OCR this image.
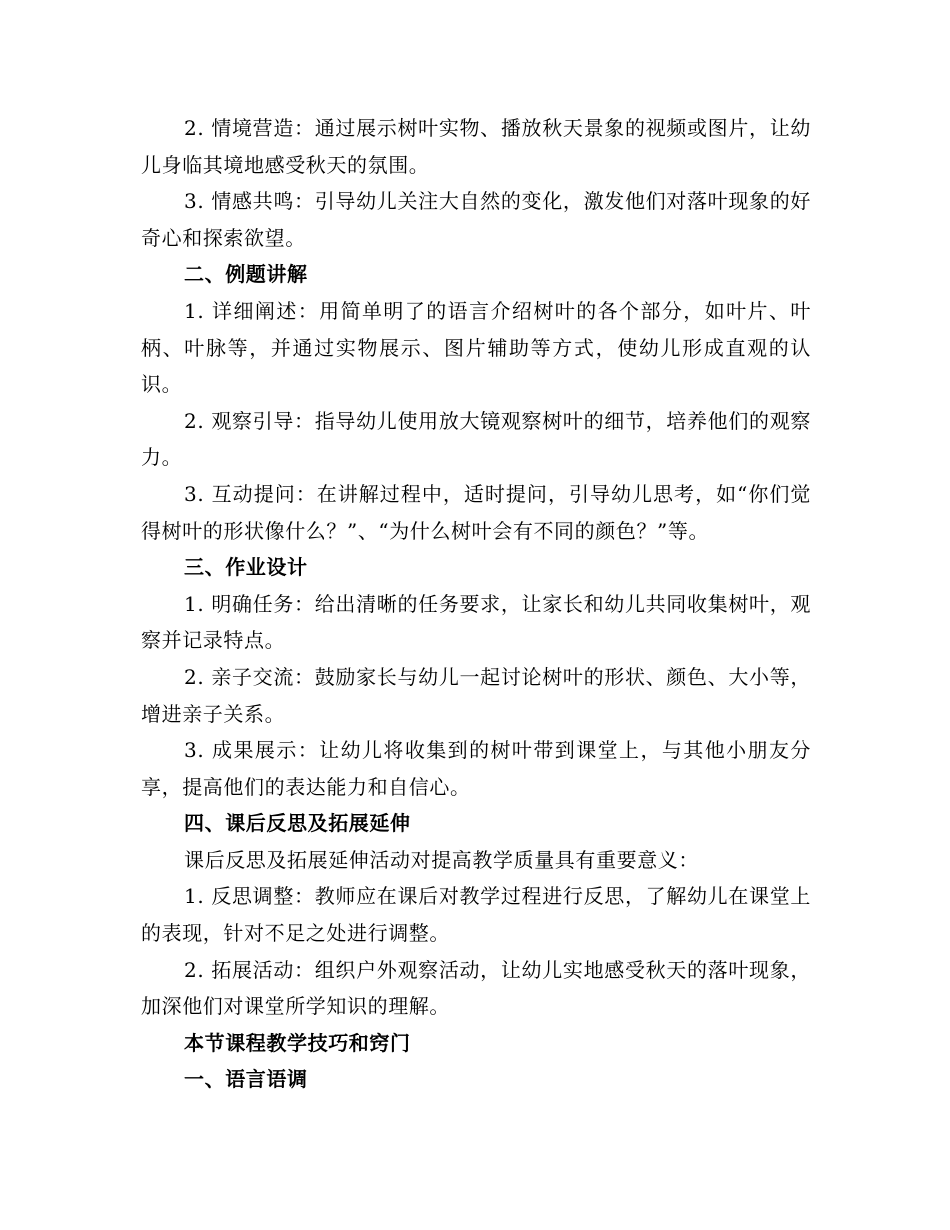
2. 情境营造：通过展示树叶实物、播放秋天景象的视频或图片，让幼儿身临其境地感受秋天的氛围。

3. 情感共鸣：引导幼儿关注大自然的变化，激发他们对落叶现象的好奇心和探索欲望。

二、例题讲解

1. 详细阐述：用简单明了的语言介绍树叶的各个部分，如叶片、叶柄、叶脉等，并通过实物展示、图片辅助等方式，使幼儿形成直观的认识。

2. 观察引导：指导幼儿使用放大镜观察树叶的细节，培养他们的观察力。

3. 互动提问：在讲解过程中，适时提问，引导幼儿思考，如“你们觉得树叶的形状像什么？”、“为什么树叶会有不同的颜色？”等。

三、作业设计

1. 明确任务：给出清晰的任务要求，让家长和幼儿共同收集树叶，观察并记录特点。

2. 亲子交流：鼓励家长与幼儿一起讨论树叶的形状、颜色、大小等，增进亲子关系。

3. 成果展示：让幼儿将收集到的树叶带到课堂上，与其他小朋友分享，提高他们的表达能力和自信心。

四、课后反思及拓展延伸

课后反思及拓展延伸活动对提高教学质量具有重要意义：

1. 反思调整：教师应在课后对教学过程进行反思，了解幼儿在课堂上的表现，针对不足之处进行调整。

2. 拓展活动：组织户外观察活动，让幼儿实地感受秋天的落叶现象，加深他们对课堂所学知识的理解。

本节课程教学技巧和窍门

一、语言语调
